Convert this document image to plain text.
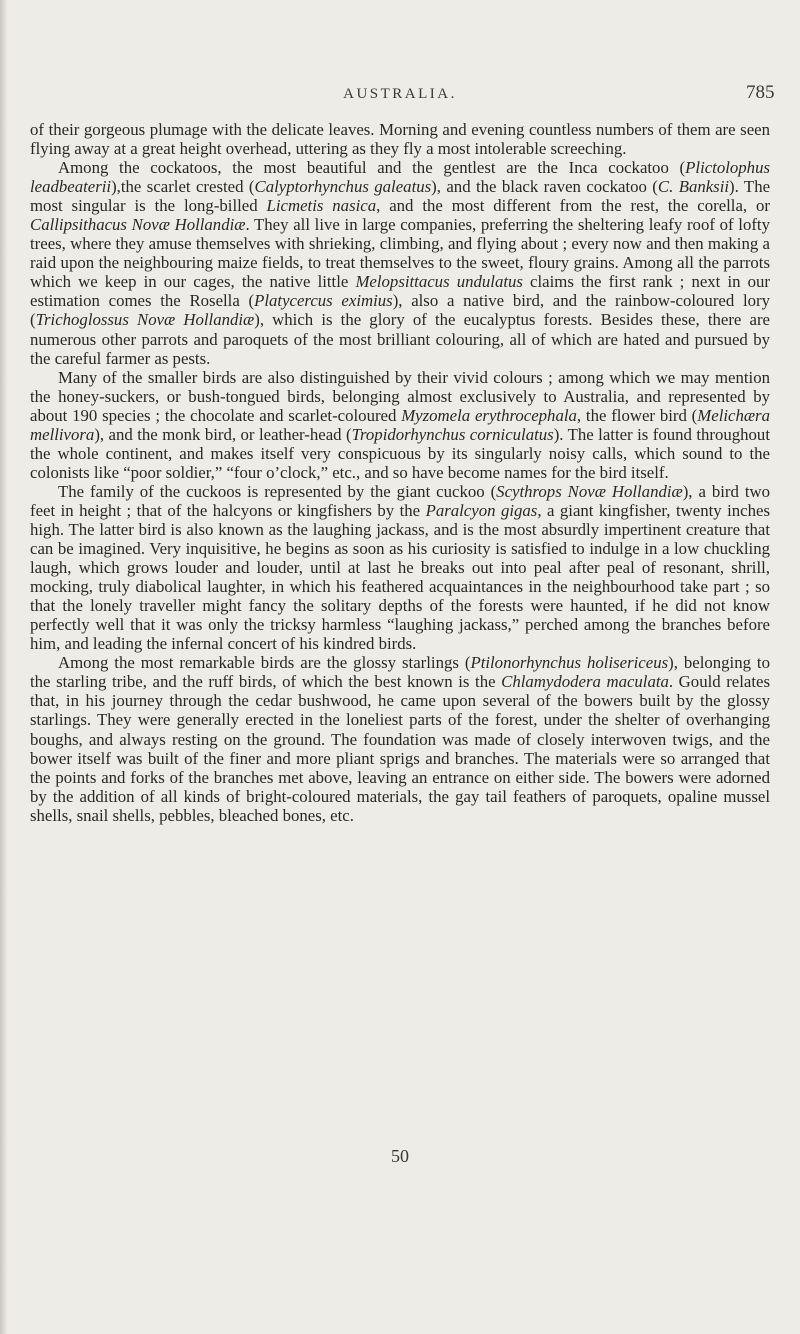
AUSTRALIA.	785

of their gorgeous plumage with the delicate leaves. Morning and evening countless numbers of them are seen flying away at a great height overhead, uttering as they fly a most intolerable screeching.

Among the cockatoos, the most beautiful and the gentlest are the Inca cockatoo (Plictolophus leadbeaterii),the scarlet crested (Calyptorhynchus galeatus), and the black raven cockatoo (C. Banksii). The most singular is the long-billed Licmetis nasica, and the most different from the rest, the corella, or Callipsithacus Novæ Hollandiæ. They all live in large companies, preferring the sheltering leafy roof of lofty trees, where they amuse themselves with shrieking, climbing, and flying about ; every now and then making a raid upon the neighbouring maize fields, to treat themselves to the sweet, floury grains. Among all the parrots which we keep in our cages, the native little Melopsittacus undulatus claims the first rank ; next in our estimation comes the Rosella (Platycercus eximius), also a native bird, and the rainbow-coloured lory (Trichoglossus Novæ Hollandiæ), which is the glory of the eucalyptus forests. Besides these, there are numerous other parrots and paroquets of the most brilliant colouring, all of which are hated and pursued by the careful farmer as pests.

Many of the smaller birds are also distinguished by their vivid colours ; among which we may mention the honey-suckers, or bush-tongued birds, belonging almost exclusively to Australia, and represented by about 190 species ; the chocolate and scarlet-coloured Myzomela erythrocephala, the flower bird (Melichæra mellivora), and the monk bird, or leather-head (Tropidorhynchus corniculatus). The latter is found throughout the whole continent, and makes itself very conspicuous by its singularly noisy calls, which sound to the colonists like “poor soldier,” “four o’clock,” etc., and so have become names for the bird itself.

The family of the cuckoos is represented by the giant cuckoo (Scythrops Novæ Hollandiæ), a bird two feet in height ; that of the halcyons or kingfishers by the Paralcyon gigas, a giant kingfisher, twenty inches high. The latter bird is also known as the laughing jackass, and is the most absurdly impertinent creature that can be imagined. Very inquisitive, he begins as soon as his curiosity is satisfied to indulge in a low chuckling laugh, which grows louder and louder, until at last he breaks out into peal after peal of resonant, shrill, mocking, truly diabolical laughter, in which his feathered acquaintances in the neighbourhood take part ; so that the lonely traveller might fancy the solitary depths of the forests were haunted, if he did not know perfectly well that it was only the tricksy harmless “laughing jackass,” perched among the branches before him, and leading the infernal concert of his kindred birds.

Among the most remarkable birds are the glossy starlings (Ptilonorhynchus holisericeus), belonging to the starling tribe, and the ruff birds, of which the best known is the Chlamydodera maculata. Gould relates that, in his journey through the cedar bushwood, he came upon several of the bowers built by the glossy starlings. They were generally erected in the loneliest parts of the forest, under the shelter of overhanging boughs, and always resting on the ground. The foundation was made of closely interwoven twigs, and the bower itself was built of the finer and more pliant sprigs and branches. The materials were so arranged that the points and forks of the branches met above, leaving an entrance on either side. The bowers were adorned by the addition of all kinds of bright-coloured materials, the gay tail feathers of paroquets, opaline mussel shells, snail shells, pebbles, bleached bones, etc.

50
